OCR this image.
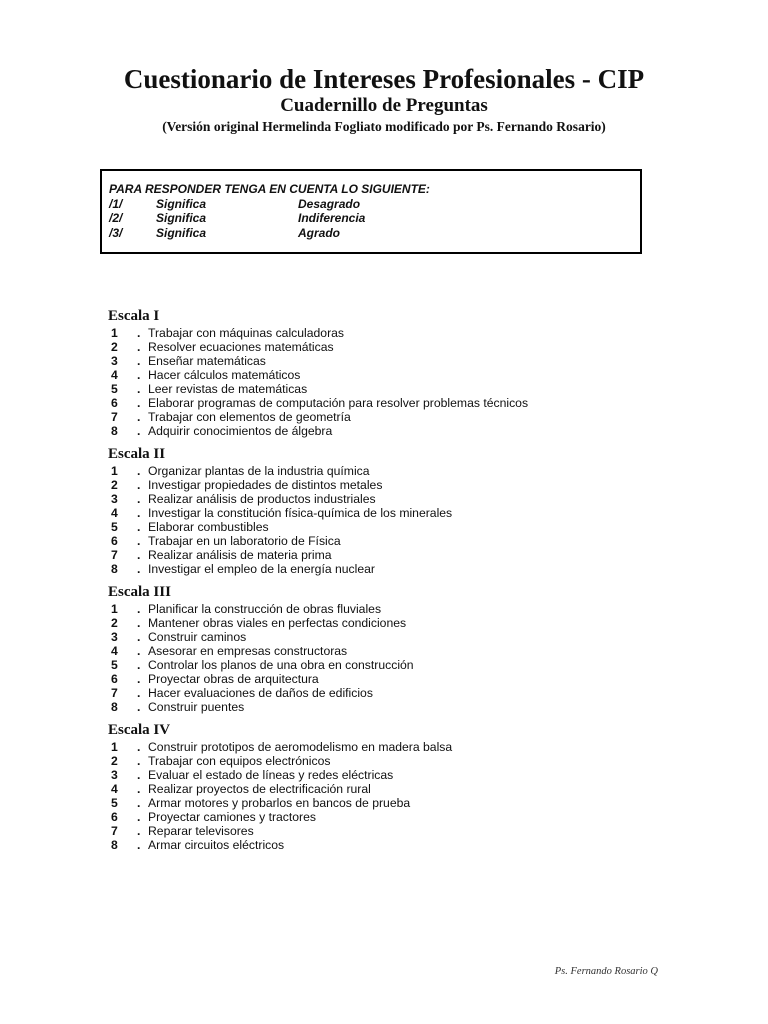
Cuestionario de Intereses Profesionales - CIP
Cuadernillo de Preguntas
(Versión original Hermelinda Fogliato modificado por Ps. Fernando Rosario)
PARA RESPONDER TENGA EN CUENTA LO SIGUIENTE:
/1/	Significa	Desagrado
/2/	Significa	Indiferencia
/3/	Significa	Agrado
Escala I
1 . Trabajar con máquinas calculadoras
2 . Resolver ecuaciones matemáticas
3 . Enseñar matemáticas
4 . Hacer cálculos matemáticos
5 . Leer revistas de matemáticas
6 . Elaborar programas de computación para resolver problemas técnicos
7 . Trabajar con elementos de geometría
8 . Adquirir conocimientos de álgebra
Escala II
1 . Organizar plantas de la industria química
2 . Investigar propiedades de distintos metales
3 . Realizar análisis de productos industriales
4 . Investigar la constitución física-química de los minerales
5 . Elaborar combustibles
6 . Trabajar en un laboratorio de Física
7 . Realizar análisis de materia prima
8 . Investigar el empleo de la energía nuclear
Escala III
1 . Planificar la construcción de obras fluviales
2 . Mantener obras viales en perfectas condiciones
3 . Construir caminos
4 . Asesorar en empresas constructoras
5 . Controlar los planos de una obra en construcción
6 . Proyectar obras de arquitectura
7 . Hacer evaluaciones de daños de edificios
8 . Construir puentes
Escala IV
1 . Construir prototipos de aeromodelismo en madera balsa
2 . Trabajar con equipos electrónicos
3 . Evaluar el estado de líneas y redes eléctricas
4 . Realizar proyectos de electrificación rural
5 . Armar motores y probarlos en bancos de prueba
6 . Proyectar camiones y tractores
7 . Reparar televisores
8 . Armar circuitos eléctricos
Ps. Fernando Rosario Q
